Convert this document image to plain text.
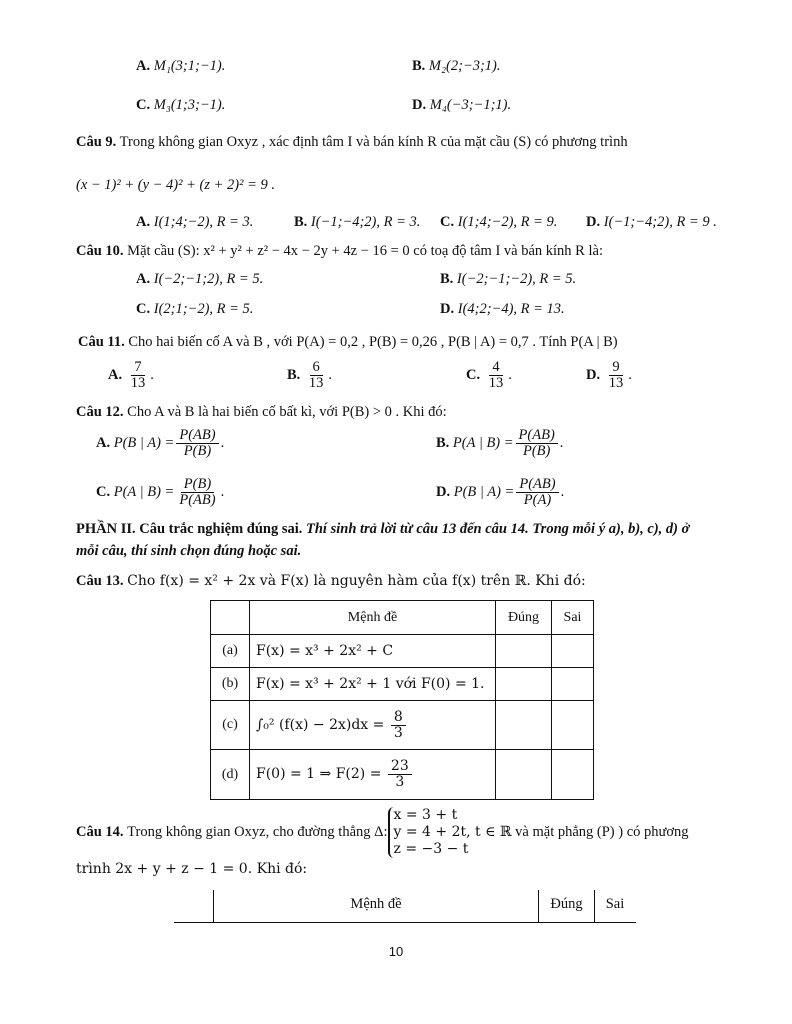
A. M₁(3;1;−1).	B. M₂(2;−3;1).
C. M₃(1;3;−1).	D. M₄(−3;−1;1).
Câu 9. Trong không gian Oxyz , xác định tâm I và bán kính R của mặt cầu (S) có phương trình
(x − 1)² + (y − 4)² + (z + 2)² = 9 .
A. I(1;4;−2), R = 3.	B. I(−1;−4;2), R = 3. C. I(1;4;−2), R = 9. D. I(−1;−4;2), R = 9 .
Câu 10. Mặt cầu (S): x² + y² + z² − 4x − 2y + 4z − 16 = 0 có toạ độ tâm I và bán kính R là:
A. I(−2;−1;2), R = 5.	B. I(−2;−1;−2), R = 5.
C. I(2;1;−2), R = 5.	D. I(4;2;−4), R = 13.
Câu 11. Cho hai biến cố A và B , với P(A) = 0,2 , P(B) = 0,26 , P(B | A) = 0,7 . Tính P(A | B)
A. $\frac{7}{13}$ .	B. $\frac{6}{13}$ .	C. $\frac{4}{13}$ .	D. $\frac{9}{13}$ .
Câu 12. Cho A và B là hai biến cố bất kì, với P(B) > 0 . Khi đó:
A. P(B | $A) = \frac{P(AB)}{P(B)}$ .	B. P(A | $B) = \frac{P(AB)}{P(B)}$ .
C. P(A | $B) = \frac{P(B)}{P(AB)}$ .	D. P(B | $A) = \frac{P(AB)}{P(A)}$ .
PHẦN II. Câu trắc nghiệm đúng sai. Thí sinh trả lời từ câu 13 đến câu 14. Trong mỗi ý a), b), c), d) ở
mỗi câu, thí sinh chọn đúng hoặc sai.
Câu 13. Cho f(x) = x² + 2x và F(x) là nguyên hàm của f(x) trên ℝ. Khi đó:
	Mệnh đề	Đúng	Sai
(a)	F(x) = x³ + 2x² + C		
(b)	F(x) = x³ + 2x² + 1 với F(0) = 1.		
(c)	∫₀² $(f(x) - 2x)dx = \frac{8}{3}$

(d)	F(0) = 1 ⇒ $F(2) = \frac{23}{3}$

Câu 14. Trong không gian Oxyz, cho đường thẳng Δ:x = 3 + t
y = 4 + 2t, t ∈ ℝ
z = −3 − t và mặt phẳng (P) ) có phương
trình 2x + y + z − 1 = 0. Khi đó:
Mệnh đề	Đúng	Sai
10
